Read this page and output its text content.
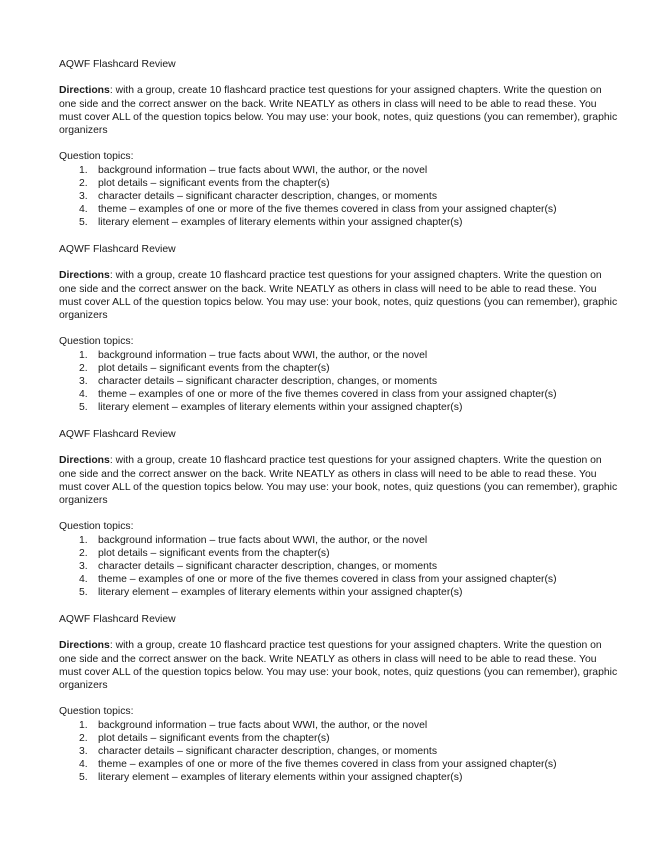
AQWF Flashcard Review

Directions: with a group, create 10 flashcard practice test questions for your assigned chapters. Write the question on one side and the correct answer on the back. Write NEATLY as others in class will need to be able to read these. You must cover ALL of the question topics below. You may use: your book, notes, quiz questions (you can remember), graphic organizers

Question topics:

1. background information – true facts about WWI, the author, or the novel
2. plot details – significant events from the chapter(s)
3. character details – significant character description, changes, or moments
4. theme – examples of one or more of the five themes covered in class from your assigned chapter(s)
5. literary element – examples of literary elements within your assigned chapter(s)

AQWF Flashcard Review

Directions: with a group, create 10 flashcard practice test questions for your assigned chapters. Write the question on one side and the correct answer on the back. Write NEATLY as others in class will need to be able to read these. You must cover ALL of the question topics below. You may use: your book, notes, quiz questions (you can remember), graphic organizers

Question topics:

1. background information – true facts about WWI, the author, or the novel
2. plot details – significant events from the chapter(s)
3. character details – significant character description, changes, or moments
4. theme – examples of one or more of the five themes covered in class from your assigned chapter(s)
5. literary element – examples of literary elements within your assigned chapter(s)

AQWF Flashcard Review

Directions: with a group, create 10 flashcard practice test questions for your assigned chapters. Write the question on one side and the correct answer on the back. Write NEATLY as others in class will need to be able to read these. You must cover ALL of the question topics below. You may use: your book, notes, quiz questions (you can remember), graphic organizers

Question topics:

1. background information – true facts about WWI, the author, or the novel
2. plot details – significant events from the chapter(s)
3. character details – significant character description, changes, or moments
4. theme – examples of one or more of the five themes covered in class from your assigned chapter(s)
5. literary element – examples of literary elements within your assigned chapter(s)

AQWF Flashcard Review

Directions: with a group, create 10 flashcard practice test questions for your assigned chapters. Write the question on one side and the correct answer on the back. Write NEATLY as others in class will need to be able to read these. You must cover ALL of the question topics below. You may use: your book, notes, quiz questions (you can remember), graphic organizers

Question topics:

1. background information – true facts about WWI, the author, or the novel
2. plot details – significant events from the chapter(s)
3. character details – significant character description, changes, or moments
4. theme – examples of one or more of the five themes covered in class from your assigned chapter(s)
5. literary element – examples of literary elements within your assigned chapter(s)
